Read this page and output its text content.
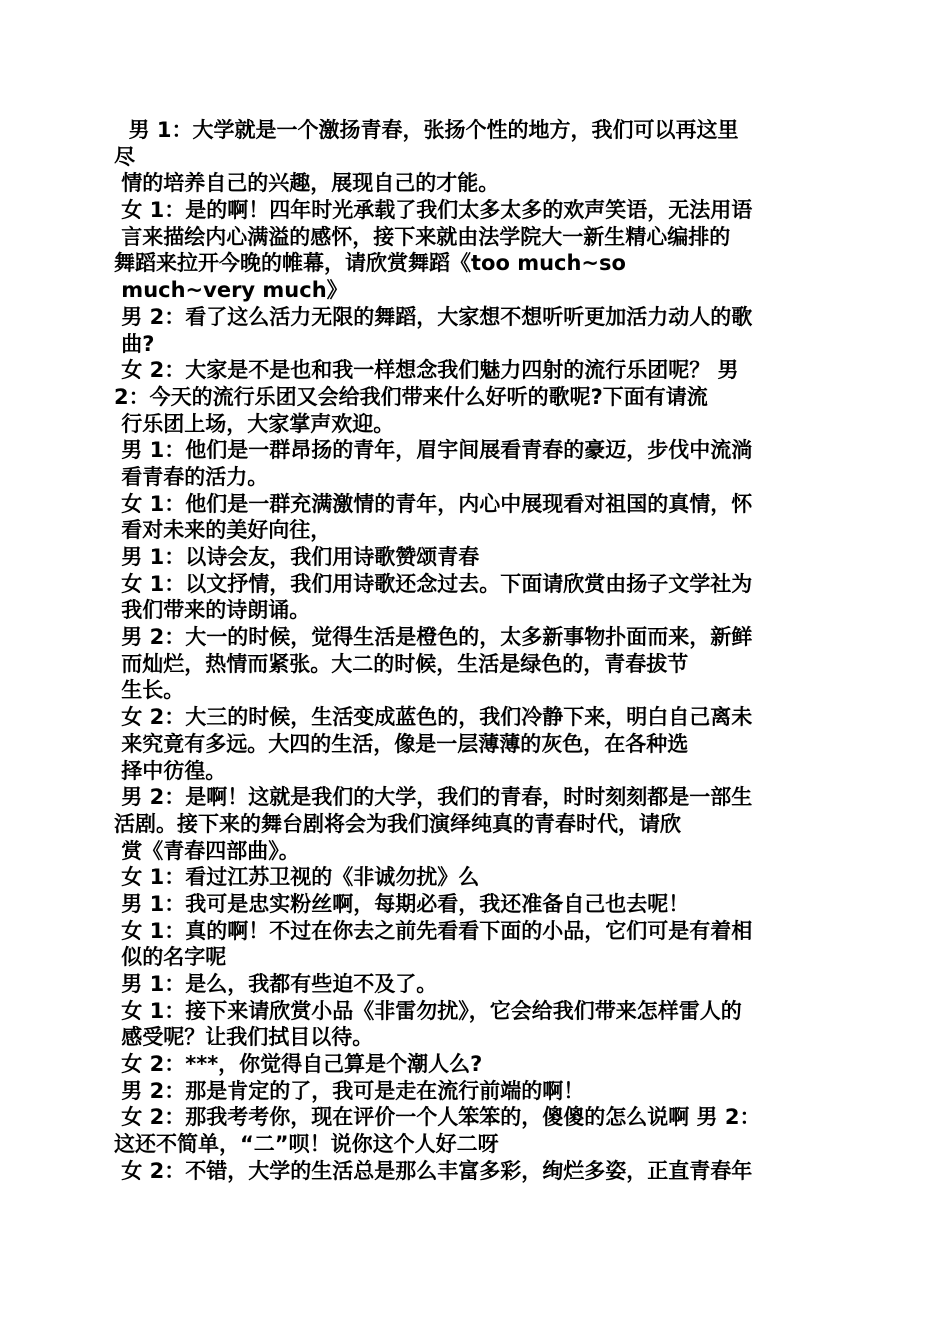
男 1：大学就是一个激扬青春，张扬个性的地方，我们可以再这里
尽
情的培养自己的兴趣，展现自己的才能。
女 1：是的啊！四年时光承载了我们太多太多的欢声笑语，无法用语
言来描绘内心满溢的感怀，接下来就由法学院大一新生精心编排的
舞蹈来拉开今晚的帷幕，请欣赏舞蹈《too much~so
much~very much》
男 2：看了这么活力无限的舞蹈，大家想不想听听更加活力动人的歌
曲?
女 2：大家是不是也和我一样想念我们魅力四射的流行乐团呢？ 男
2：今天的流行乐团又会给我们带来什么好听的歌呢?下面有请流
行乐团上场，大家掌声欢迎。
男 1：他们是一群昂扬的青年，眉宇间展看青春的豪迈，步伐中流淌
看青春的活力。
女 1：他们是一群充满激情的青年，内心中展现看对祖国的真情，怀
看对未来的美好向往，
男 1：以诗会友，我们用诗歌赞颂青春
女 1：以文抒情，我们用诗歌还念过去。下面请欣赏由扬子文学社为
我们带来的诗朗诵。
男 2：大一的时候，觉得生活是橙色的，太多新事物扑面而来，新鲜
而灿烂，热情而紧张。大二的时候，生活是绿色的，青春拔节
生长。
女 2：大三的时候，生活变成蓝色的，我们冷静下来，明白自己离未
来究竟有多远。大四的生活，像是一层薄薄的灰色，在各种选
择中彷徨。
男 2：是啊！这就是我们的大学，我们的青春，时时刻刻都是一部生
活剧。接下来的舞台剧将会为我们演绎纯真的青春时代，请欣
赏《青春四部曲》。
女 1：看过江苏卫视的《非诚勿扰》么
男 1：我可是忠实粉丝啊，每期必看，我还准备自己也去呢！
女 1：真的啊！不过在你去之前先看看下面的小品，它们可是有着相
似的名字呢
男 1：是么，我都有些迫不及了。
女 1：接下来请欣赏小品《非雷勿扰》，它会给我们带来怎样雷人的
感受呢？让我们拭目以待。
女 2：***，你觉得自己算是个潮人么?
男 2：那是肯定的了，我可是走在流行前端的啊！
女 2：那我考考你，现在评价一个人笨笨的，傻傻的怎么说啊 男 2：
这还不简单，“二”呗！说你这个人好二呀
女 2：不错，大学的生活总是那么丰富多彩，绚烂多姿，正直青春年
